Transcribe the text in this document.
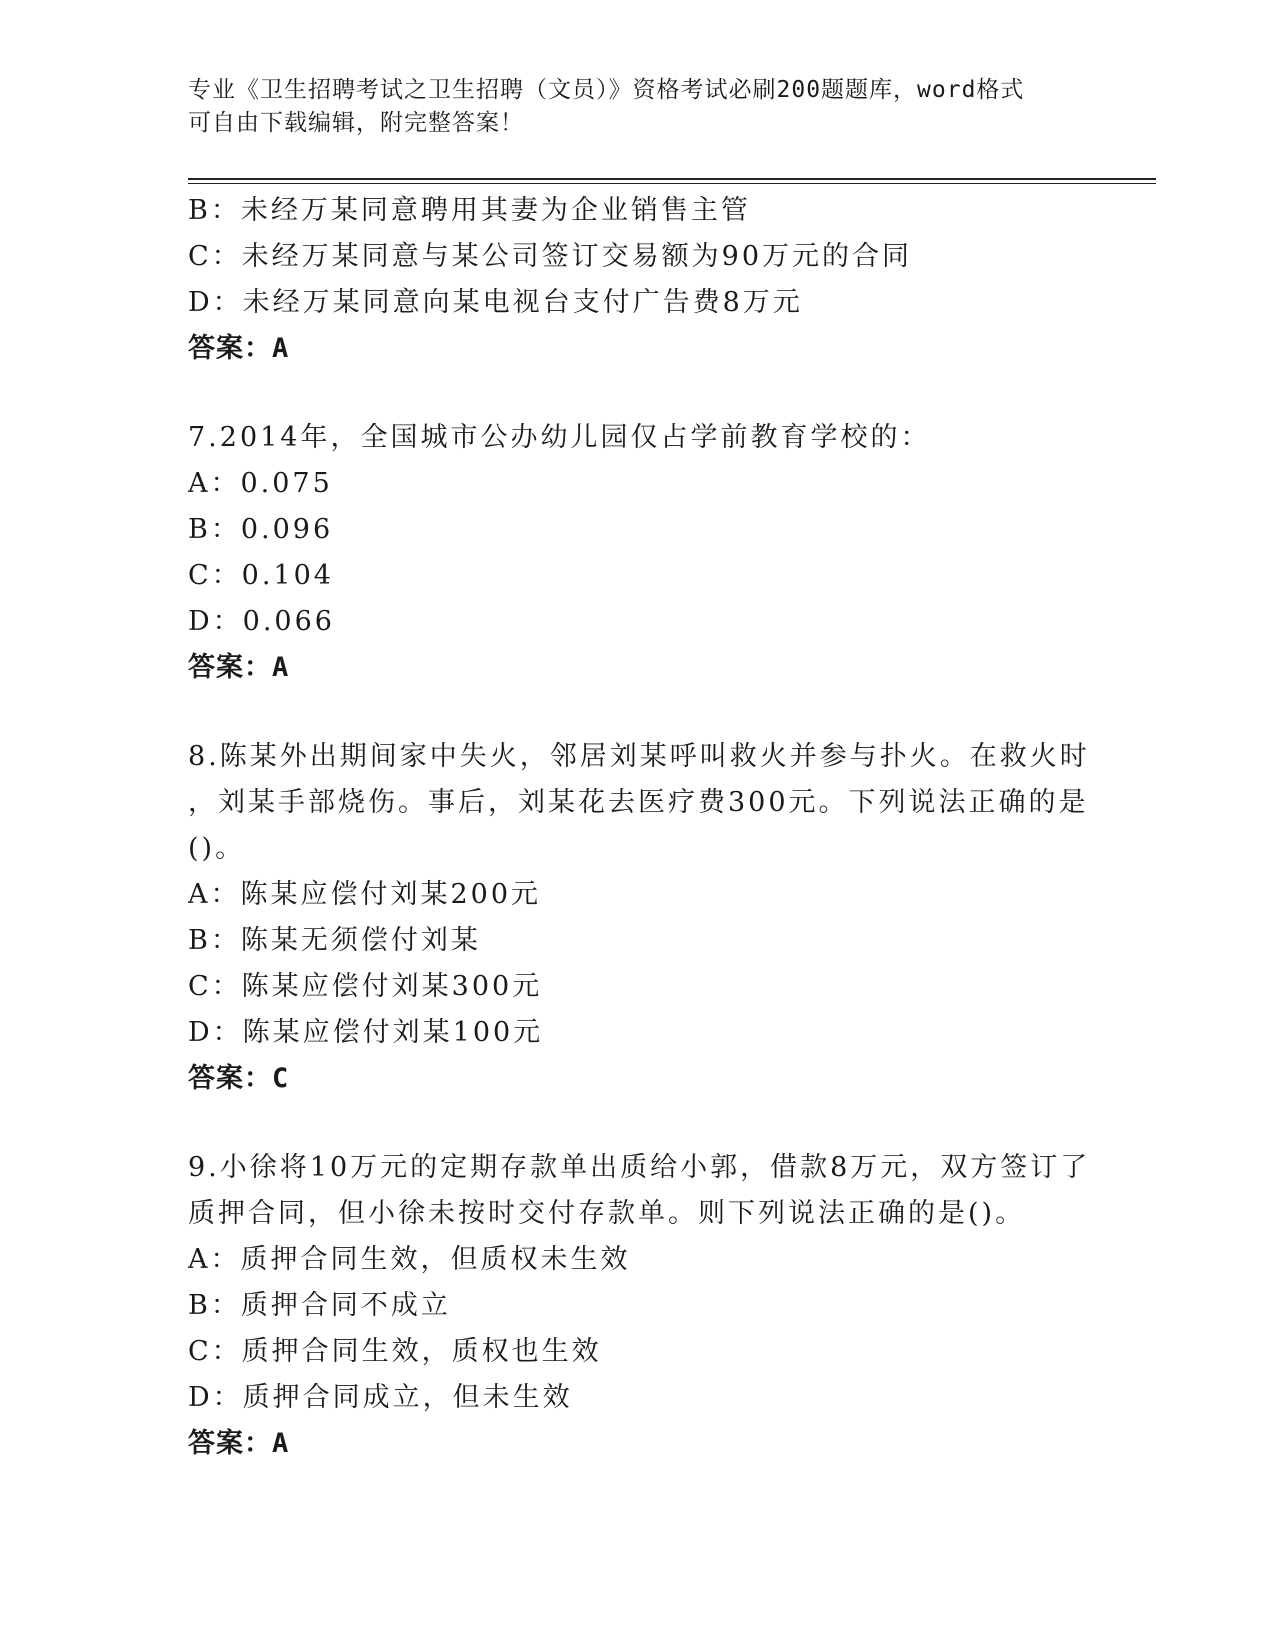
专业《卫生招聘考试之卫生招聘（文员）》资格考试必刷200题题库，word格式
可自由下载编辑，附完整答案！
B：未经万某同意聘用其妻为企业销售主管
C：未经万某同意与某公司签订交易额为90万元的合同
D：未经万某同意向某电视台支付广告费8万元
答案：A
7.2014年，全国城市公办幼儿园仅占学前教育学校的：
A：0.075
B：0.096
C：0.104
D：0.066
答案：A
8.陈某外出期间家中失火，邻居刘某呼叫救火并参与扑火。在救火时
，刘某手部烧伤。事后，刘某花去医疗费300元。下列说法正确的是
()。
A：陈某应偿付刘某200元
B：陈某无须偿付刘某
C：陈某应偿付刘某300元
D：陈某应偿付刘某100元
答案：C
9.小徐将10万元的定期存款单出质给小郭，借款8万元，双方签订了
质押合同，但小徐未按时交付存款单。则下列说法正确的是()。
A：质押合同生效，但质权未生效
B：质押合同不成立
C：质押合同生效，质权也生效
D：质押合同成立，但未生效
答案：A
